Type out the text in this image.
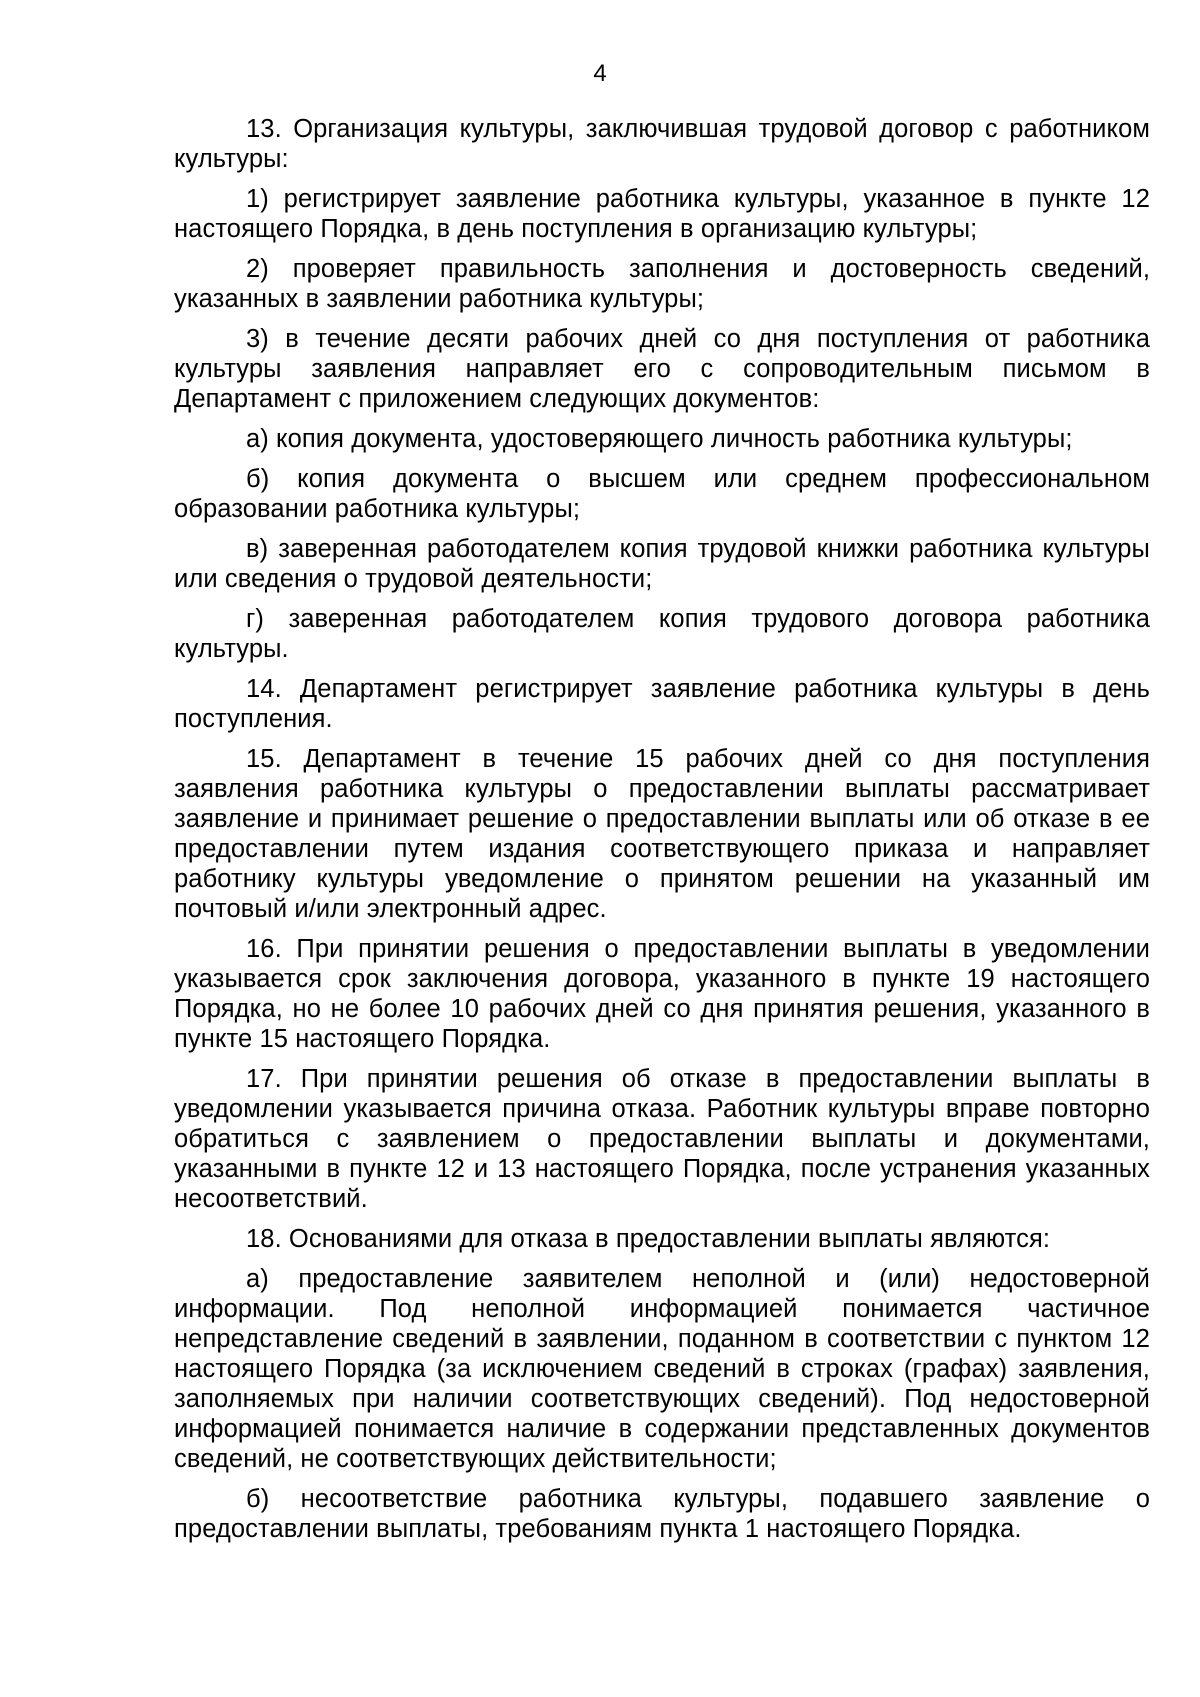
4

13. Организация культуры, заключившая трудовой договор с работником культуры:

1) регистрирует заявление работника культуры, указанное в пункте 12 настоящего Порядка, в день поступления в организацию культуры;

2) проверяет правильность заполнения и достоверность сведений, указанных в заявлении работника культуры;

3) в течение десяти рабочих дней со дня поступления от работника культуры заявления направляет его с сопроводительным письмом в Департамент с приложением следующих документов:

а) копия документа, удостоверяющего личность работника культуры;

б) копия документа о высшем или среднем профессиональном образовании работника культуры;

в) заверенная работодателем копия трудовой книжки работника культуры или сведения о трудовой деятельности;

г) заверенная работодателем копия трудового договора работника культуры.

14. Департамент регистрирует заявление работника культуры в день поступления.

15. Департамент в течение 15 рабочих дней со дня поступления заявления работника культуры о предоставлении выплаты рассматривает заявление и принимает решение о предоставлении выплаты или об отказе в ее предоставлении путем издания соответствующего приказа и направляет работнику культуры уведомление о принятом решении на указанный им почтовый и/или электронный адрес.

16. При принятии решения о предоставлении выплаты в уведомлении указывается срок заключения договора, указанного в пункте 19 настоящего Порядка, но не более 10 рабочих дней со дня принятия решения, указанного в пункте 15 настоящего Порядка.

17. При принятии решения об отказе в предоставлении выплаты в уведомлении указывается причина отказа. Работник культуры вправе повторно обратиться с заявлением о предоставлении выплаты и документами, указанными в пункте 12 и 13 настоящего Порядка, после устранения указанных несоответствий.

18. Основаниями для отказа в предоставлении выплаты являются:

а) предоставление заявителем неполной и (или) недостоверной информации. Под неполной информацией понимается частичное непредставление сведений в заявлении, поданном в соответствии с пунктом 12 настоящего Порядка (за исключением сведений в строках (графах) заявления, заполняемых при наличии соответствующих сведений). Под недостоверной информацией понимается наличие в содержании представленных документов сведений, не соответствующих действительности;

б) несоответствие работника культуры, подавшего заявление о предоставлении выплаты, требованиям пункта 1 настоящего Порядка.
